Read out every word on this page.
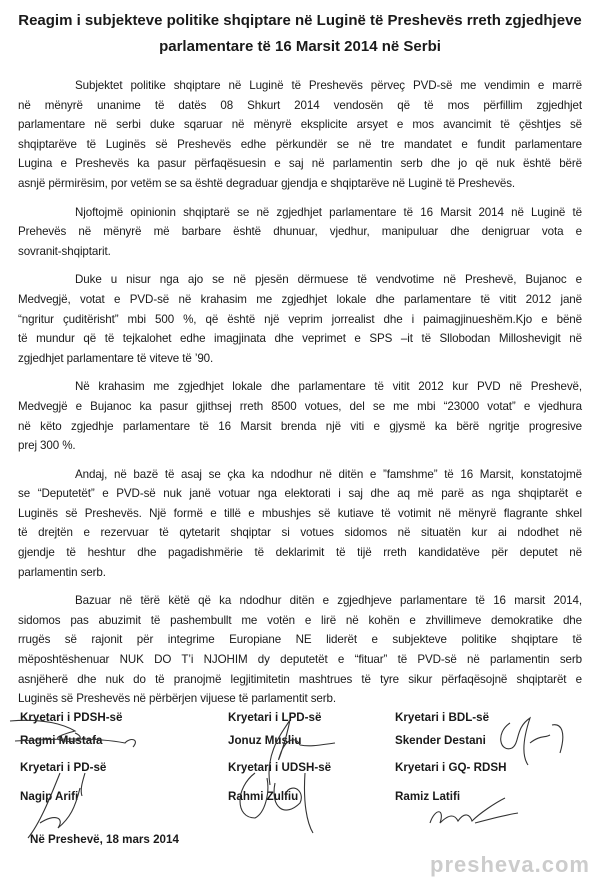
Reagim i subjekteve politike shqiptare në Luginë të Preshevës rreth zgjedhjeve
parlamentare të 16 Marsit 2014 në Serbi
Subjektet politike shqiptare në Luginë të Preshevës përveç PVD-së me vendimin e marrë
në mënyrë unanime të datës 08 Shkurt 2014 vendosën që të mos përfillim zgjedhjet
parlamentare në serbi duke sqaruar në mënyrë eksplicite arsyet e mos avancimit të çështjes së
shqiptarëve të Luginës së Preshevës edhe përkundër se në tre mandatet e fundit parlamentare
Lugina e Preshevës ka pasur përfaqësuesin e saj në parlamentin serb dhe jo që nuk është bërë
asnjë përmirësim, por vetëm se sa është degraduar gjendja e shqiptarëve në Luginë të Preshevës.
Njoftojmë opinionin shqiptarë se në zgjedhjet parlamentare të 16 Marsit 2014 në Luginë të
Prehevës në mënyrë më barbare është dhunuar, vjedhur, manipuluar dhe denigruar vota e
sovranit-shqiptarit.
Duke u nisur nga ajo se në pjesën dërmuese të vendvotime në Preshevë, Bujanoc e
Medvegjë, votat e PVD-së në krahasim me zgjedhjet lokale dhe parlamentare të vitit 2012 janë
“ngritur çuditërisht” mbi 500 %, që është një veprim jorrealist dhe i paimagjinueshëm.Kjo e bënë
të mundur që të tejkalohet edhe imagjinata dhe veprimet e SPS –it të Sllobodan Milloshevigit në
zgjedhjet parlamentare të viteve të ’90.
Në krahasim me zgjedhjet lokale dhe parlamentare të vitit 2012 kur PVD në Preshevë,
Medvegjë e Bujanoc ka pasur gjithsej rreth 8500 votues, del se me mbi “23000 votat” e vjedhura
në këto zgjedhje parlamentare të 16 Marsit brenda një viti e gjysmë ka bërë ngritje progresive
prej 300 %.
Andaj, në bazë të asaj se çka ka ndodhur në ditën e ”famshme” të 16 Marsit, konstatojmë
se “Deputetët” e PVD-së nuk janë votuar nga elektorati i saj dhe aq më parë as nga shqiptarët e
Luginës së Preshevës. Një formë e tillë e mbushjes së kutiave të votimit në mënyrë flagrante shkel
të drejtën e rezervuar të qytetarit shqiptar si votues sidomos në situatën kur ai ndodhet në
gjendje të heshtur dhe pagadishmërie të deklarimit të tijë rreth kandidatëve për deputet në
parlamentin serb.
Bazuar në tërë këtë që ka ndodhur ditën e zgjedhjeve parlamentare të 16 marsit 2014,
sidomos pas abuzimit të pashembullt me votën e lirë në kohën e zhvillimeve demokratike dhe
rrugës së rajonit për integrime Europiane NE liderët e subjekteve politike shqiptare të
mëposhtëshenuar NUK DO T’i NJOHIM dy deputetët e “fituar” të PVD-së në parlamentin serb
asnjëherë dhe nuk do të pranojmë legjitimitetin mashtrues të tyre sikur përfaqësojnë shqiptarët e
Luginës së Preshevës në përbërjen vijuese të parlamentit serb.
Kryetari i PDSH-së
Ragmi Mustafa
Kryetari i LPD-së
Jonuz Musliu
Kryetari i BDL-së
Skender Destani
Kryetari i PD-së
Nagip Arifi
Kryetari i UDSH-së
Rahmi Zulfiu
Kryetari i GQ- RDSH
Ramiz Latifi
Në Preshevë, 18 mars 2014
presheva.com
